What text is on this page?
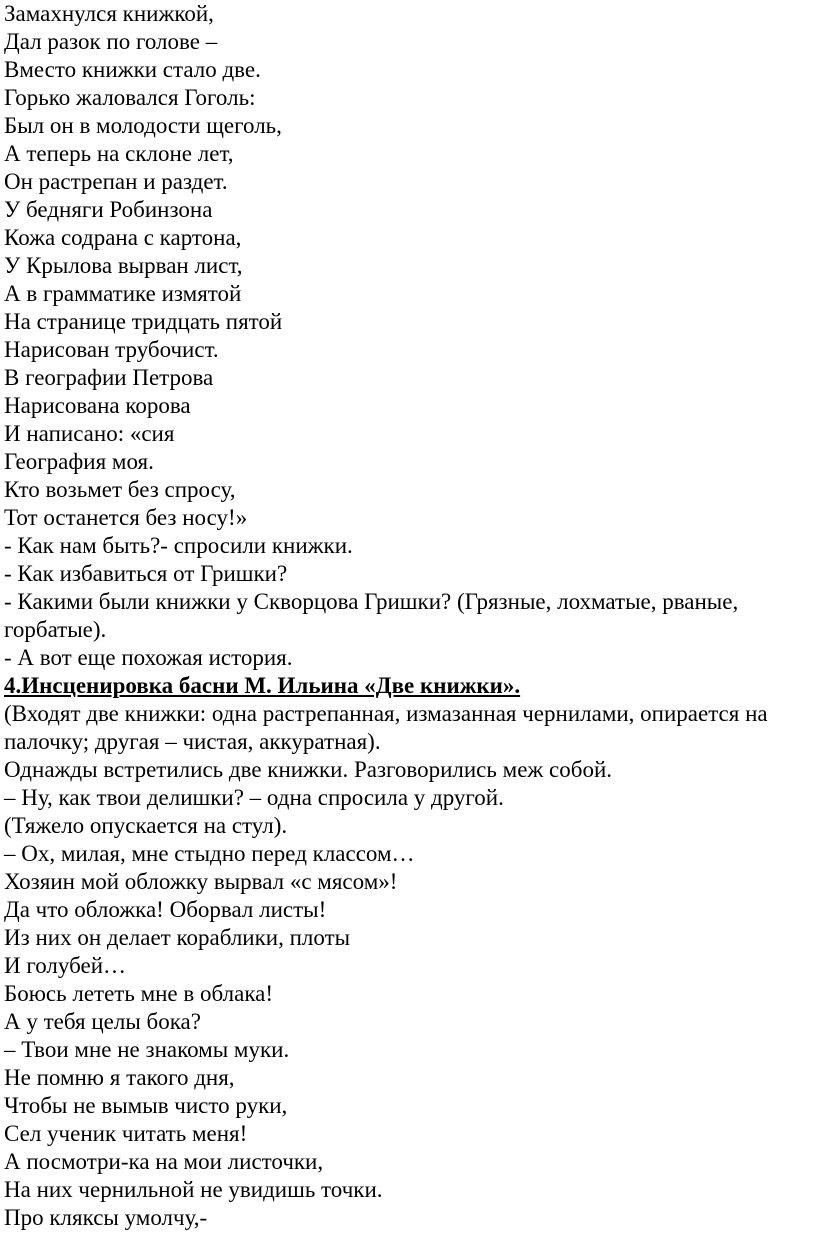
Замахнулся книжкой,
Дал разок по голове –
Вместо книжки стало две.
Горько жаловался Гоголь:
Был он в молодости щеголь,
А теперь на склоне лет,
Он растрепан и раздет.
У бедняги Робинзона
Кожа содрана с картона,
У Крылова вырван лист,
А в грамматике измятой
На странице тридцать пятой
Нарисован трубочист.
В географии Петрова
Нарисована корова
И написано: «сия
География моя.
Кто возьмет без спросу,
Тот останется без носу!»
- Как нам быть?- спросили книжки.
- Как избавиться от Гришки?
- Какими были книжки у Скворцова Гришки? (Грязные, лохматые, рваные,
горбатые).
- А вот еще похожая история.
4.Инсценировка басни М. Ильина «Две книжки».
(Входят две книжки: одна растрепанная, измазанная чернилами, опирается на
палочку; другая – чистая, аккуратная).
Однажды встретились две книжки. Разговорились меж собой.
– Ну, как твои делишки? – одна спросила у другой.
(Тяжело опускается на стул).
– Ох, милая, мне стыдно перед классом…
Хозяин мой обложку вырвал «с мясом»!
Да что обложка! Оборвал листы!
Из них он делает кораблики, плоты
И голубей…
Боюсь лететь мне в облака!
А у тебя целы бока?
– Твои мне не знакомы муки.
Не помню я такого дня,
Чтобы не вымыв чисто руки,
Сел ученик читать меня!
А посмотри-ка на мои листочки,
На них чернильной не увидишь точки.
Про кляксы умолчу,-
